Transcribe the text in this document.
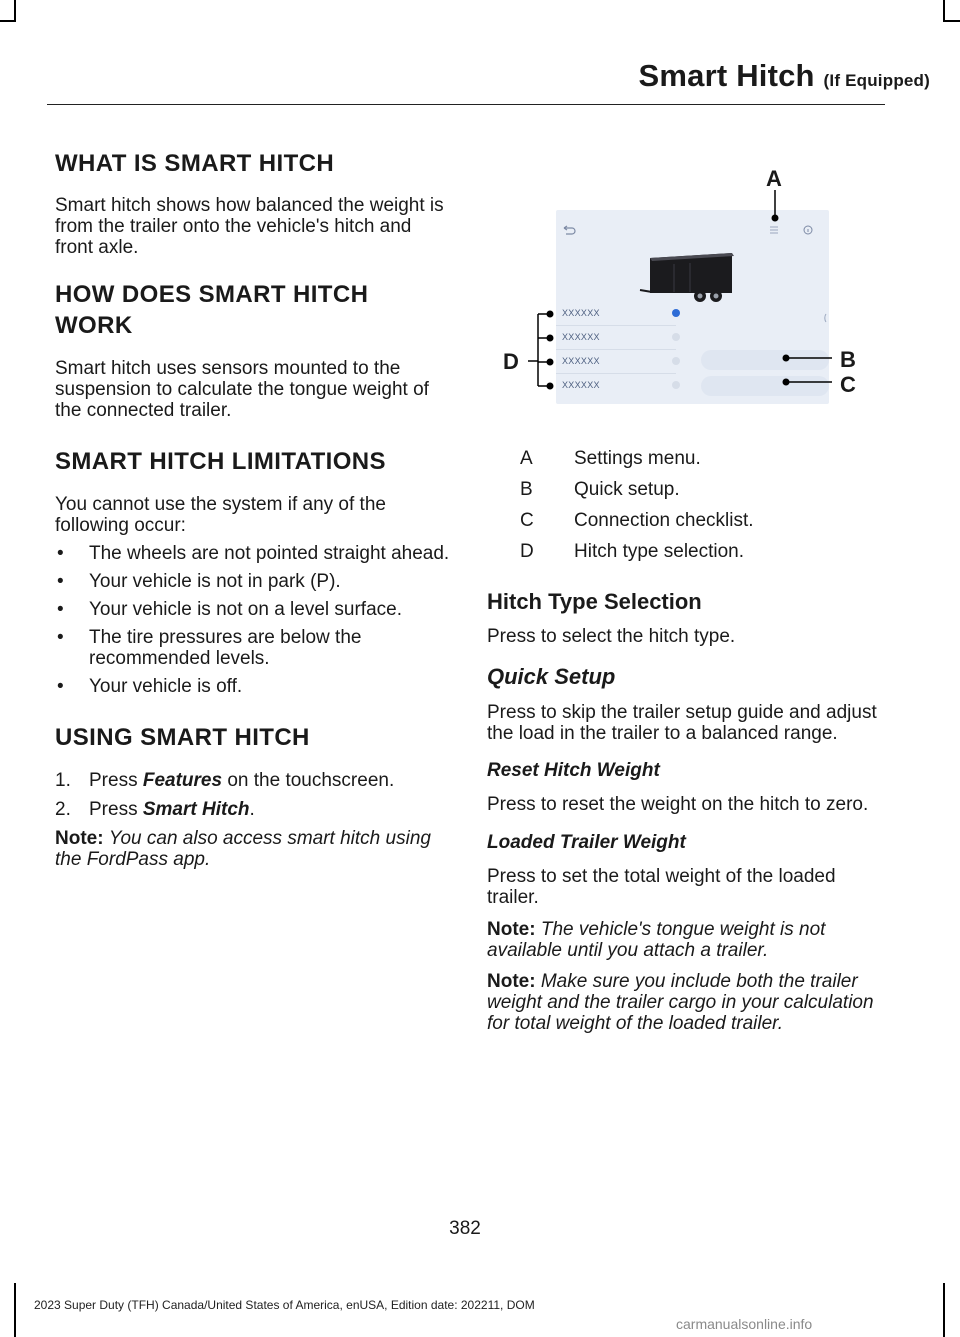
Smart Hitch (If Equipped)
WHAT IS SMART HITCH

Smart hitch shows how balanced the weight is from the trailer onto the vehicle's hitch and front axle.

HOW DOES SMART HITCH
WORK

Smart hitch uses sensors mounted to the suspension to calculate the tongue weight of the connected trailer.

SMART HITCH LIMITATIONS

You cannot use the system if any of the following occur:

• The wheels are not pointed straight ahead.
• Your vehicle is not in park (P).
• Your vehicle is not on a level surface.
• The tire pressures are below the recommended levels.
• Your vehicle is off.
USING SMART HITCH
1. Press Features on the touchscreen.
2. Press Smart Hitch.

Note: You can also access smart hitch using the FordPass app.

XXXXXX
XXXXXX
XXXXXX
XXXXXX
A
B
C
D
A Settings menu.
B Quick setup.
C Connection checklist.
D Hitch type selection.
Hitch Type Selection

Press to select the hitch type.

Quick Setup

Press to skip the trailer setup guide and adjust the load in the trailer to a balanced range.

Reset Hitch Weight

Press to reset the weight on the hitch to zero.

Loaded Trailer Weight

Press to set the total weight of the loaded trailer.

Note: The vehicle's tongue weight is not available until you attach a trailer.

Note: Make sure you include both the trailer weight and the trailer cargo in your calculation for total weight of the loaded trailer.

382
2023 Super Duty (TFH) Canada/United States of America, enUSA, Edition date: 202211, DOM
carmanualsonline.info
